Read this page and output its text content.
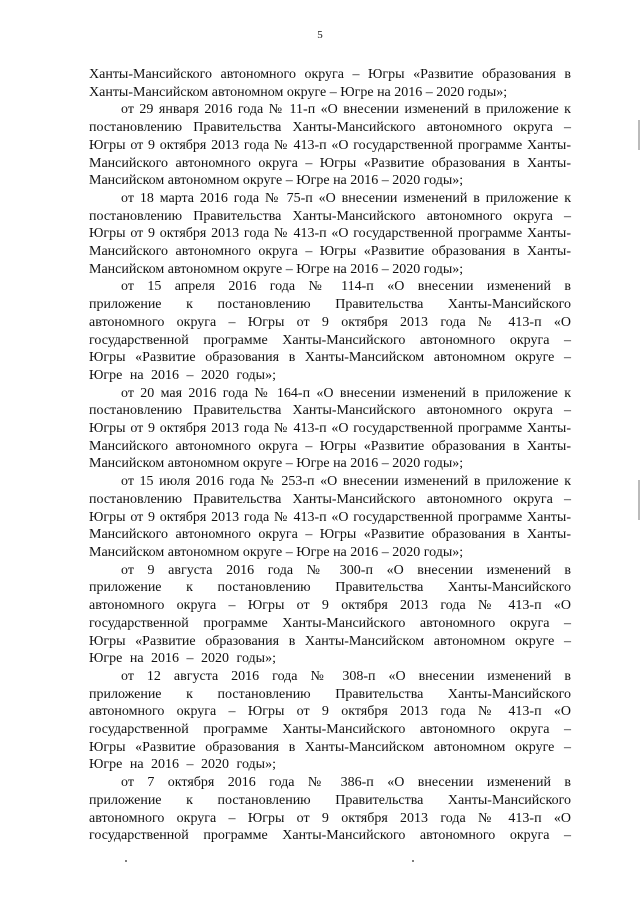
5

Ханты-Мансийского автономного округа – Югры «Развитие образования в Ханты-Мансийском автономном округе – Югре на 2016 – 2020 годы»;

от 29 января 2016 года № 11-п «О внесении изменений в приложение к постановлению Правительства Ханты-Мансийского автономного округа – Югры от 9 октября 2013 года № 413-п «О государственной программе Ханты-Мансийского автономного округа – Югры «Развитие образования в Ханты-Мансийском автономном округе – Югре на 2016 – 2020 годы»;

от 18 марта 2016 года № 75-п «О внесении изменений в приложение к постановлению Правительства Ханты-Мансийского автономного округа – Югры от 9 октября 2013 года № 413-п «О государственной программе Ханты-Мансийского автономного округа – Югры «Развитие образования в Ханты-Мансийском автономном округе – Югре на 2016 – 2020 годы»;

от 15 апреля 2016 года № 114-п «О внесении изменений в приложение к постановлению Правительства Ханты-Мансийского автономного округа – Югры от 9 октября 2013 года № 413-п «О государственной программе Ханты-Мансийского автономного округа – Югры «Развитие образования в Ханты-Мансийском автономном округе – Югре на 2016 – 2020 годы»;

от 20 мая 2016 года № 164-п «О внесении изменений в приложение к постановлению Правительства Ханты-Мансийского автономного округа – Югры от 9 октября 2013 года № 413-п «О государственной программе Ханты-Мансийского автономного округа – Югры «Развитие образования в Ханты-Мансийском автономном округе – Югре на 2016 – 2020 годы»;

от 15 июля 2016 года № 253-п «О внесении изменений в приложение к постановлению Правительства Ханты-Мансийского автономного округа – Югры от 9 октября 2013 года № 413-п «О государственной программе Ханты-Мансийского автономного округа – Югры «Развитие образования в Ханты-Мансийском автономном округе – Югре на 2016 – 2020 годы»;

от 9 августа 2016 года № 300-п «О внесении изменений в приложение к постановлению Правительства Ханты-Мансийского автономного округа – Югры от 9 октября 2013 года № 413-п «О государственной программе Ханты-Мансийского автономного округа – Югры «Развитие образования в Ханты-Мансийском автономном округе – Югре на 2016 – 2020 годы»;

от 12 августа 2016 года № 308-п «О внесении изменений в приложение к постановлению Правительства Ханты-Мансийского автономного округа – Югры от 9 октября 2013 года № 413-п «О государственной программе Ханты-Мансийского автономного округа – Югры «Развитие образования в Ханты-Мансийском автономном округе – Югре на 2016 – 2020 годы»;

от 7 октября 2016 года № 386-п «О внесении изменений в приложение к постановлению Правительства Ханты-Мансийского автономного округа – Югры от 9 октября 2013 года № 413-п «О государственной программе Ханты-Мансийского автономного округа –
